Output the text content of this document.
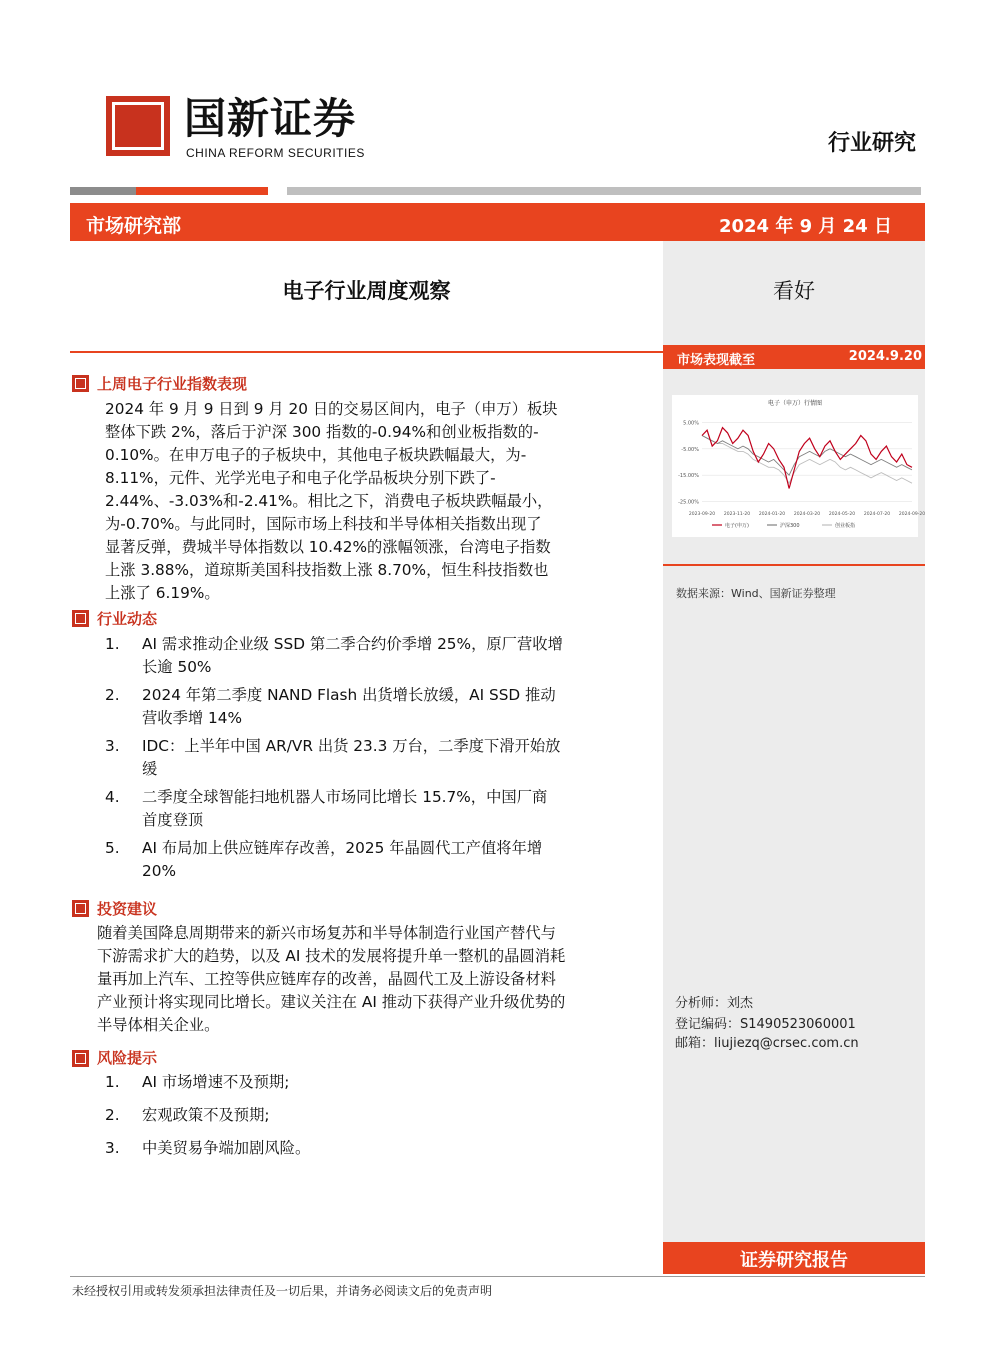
国新证券
CHINA REFORM SECURITIES	行业研究
市场研究部	2024 年 9 月 24 日
电子行业周度观察	看好
市场表现截至	2024.9.20
电子（申万）行情图
5.00%
-5.00%
-15.00%
-25.00%
2023-09-20 2023-11-20 2024-01-20 2024-03-20 2024-05-20 2024-07-20 2024-09-20
电子(申万)	沪深300	创业板指
数据来源：Wind、国新证券整理
分析师：刘杰
登记编码：S1490523060001
邮箱：liujiezq@crsec.com.cn
上周电子行业指数表现
2024 年 9 月 9 日到 9 月 20 日的交易区间内，电子（申万）板块
整体下跌 2%，落后于沪深 300 指数的-0.94%和创业板指数的-
0.10%。在申万电子的子板块中，其他电子板块跌幅最大，为-
8.11%，元件、光学光电子和电子化学品板块分别下跌了-
2.44%、-3.03%和-2.41%。相比之下，消费电子板块跌幅最小，
为-0.70%。与此同时，国际市场上科技和半导体相关指数出现了
显著反弹，费城半导体指数以 10.42%的涨幅领涨，台湾电子指数
上涨 3.88%，道琼斯美国科技指数上涨 8.70%，恒生科技指数也
上涨了 6.19%。
行业动态
1. AI 需求推动企业级 SSD 第二季合约价季增 25%，原厂营收增
长逾 50%
2. 2024 年第二季度 NAND Flash 出货增长放缓，AI SSD 推动
营收季增 14%
3. IDC：上半年中国 AR/VR 出货 23.3 万台，二季度下滑开始放
缓
4. 二季度全球智能扫地机器人市场同比增长 15.7%，中国厂商
首度登顶
5. AI 布局加上供应链库存改善，2025 年晶圆代工产值将年增
20%
投资建议
随着美国降息周期带来的新兴市场复苏和半导体制造行业国产替代与
下游需求扩大的趋势，以及 AI 技术的发展将提升单一整机的晶圆消耗
量再加上汽车、工控等供应链库存的改善，晶圆代工及上游设备材料
产业预计将实现同比增长。建议关注在 AI 推动下获得产业升级优势的
半导体相关企业。
风险提示
1. AI 市场增速不及预期;
2. 宏观政策不及预期;
3. 中美贸易争端加剧风险。
证券研究报告
未经授权引用或转发须承担法律责任及一切后果，并请务必阅读文后的免责声明
